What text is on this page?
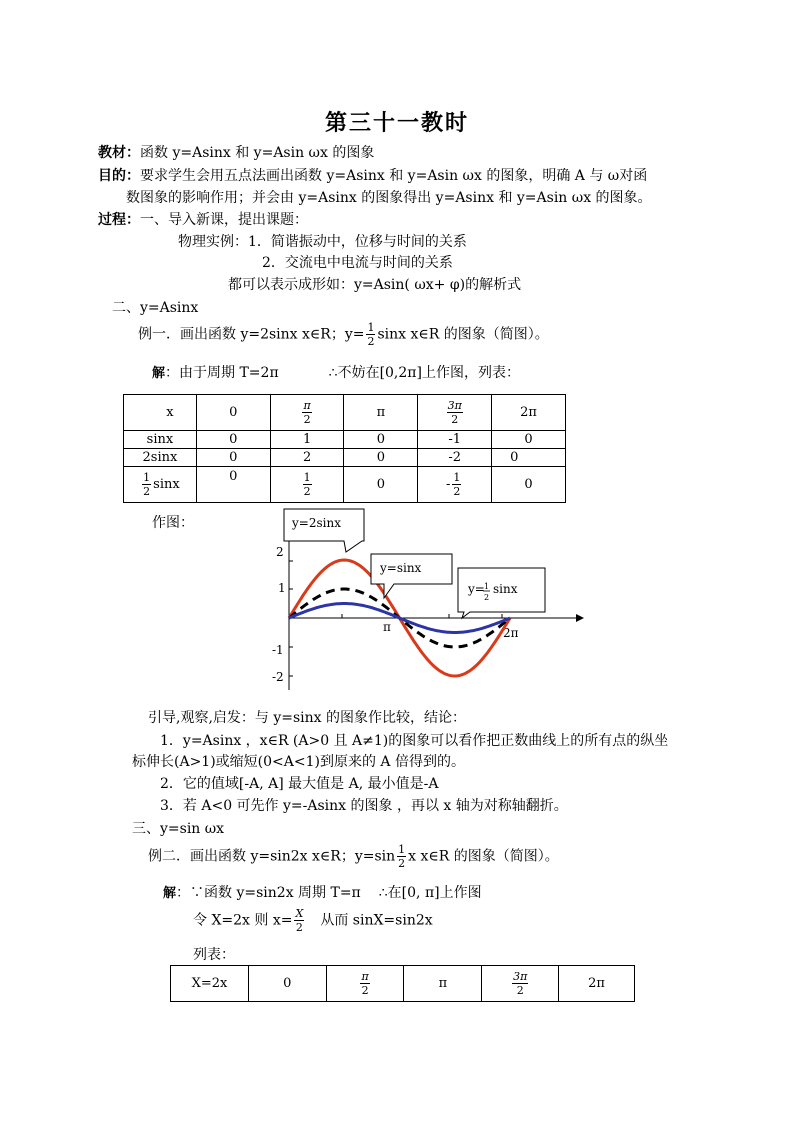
第三十一教时
教材：函数 y=Asinx 和 y=Asin ωx 的图象
目的：要求学生会用五点法画出函数 y=Asinx 和 y=Asin ωx 的图象，明确 A 与 ω对函
数图象的影响作用；并会由 y=Asinx 的图象得出 y=Asinx 和 y=Asin ωx 的图象。
过程：一、导入新课，提出课题：
物理实例：1．简谐振动中，位移与时间的关系
2．交流电中电流与时间的关系
都可以表示成形如：y=Asin( ωx+ φ)的解析式
二、y=Asinx
例一．画出函数 y=2sinx x∈R；$y= \frac{1}{2}$ sinx x∈R 的图象（简图）。
解：由于周期 T=2π	∴不妨在[0,2π]上作图，列表：
x	0	$\frac{\pi}{2}$	π	$\frac{3\pi}{2}$	2π
sinx	0	1	0	-1	0
2sinx	0	2	0	-2	0

$\frac{1}{2}$ sinx	0	$\frac{1}{2}$	0	- $\frac{1}{2}$	0
作图：
2
1
-1
-2
π	2π
y=2sinx
y=sinx
y= 1
2
sinx
引导,观察,启发：与 y=sinx 的图象作比较，结论：
1．y=Asinx ，x∈R (A>0 且 A≠1)的图象可以看作把正数曲线上的所有点的纵坐
标伸长(A>1)或缩短(0<A<1)到原来的 A 倍得到的。
2．它的值域[-A, A] 最大值是 A, 最小值是-A
3．若 A<0 可先作 y=-Asinx 的图象 ，再以 x 轴为对称轴翻折。
三、y=sin ωx
例二．画出函数 y=sin2x x∈R；$y=\sin \frac{1}{2}$ x x∈R 的图象（简图）。
解：∵函数 y=sin2x 周期 T=π ∴在[0, π]上作图
令 X=2x 则 $x= \frac{X}{2}$ 从而 sinX=sin2x
列表：
X=2x	0	$\frac{\pi}{2}$	π	$\frac{3\pi}{2}$	2π
